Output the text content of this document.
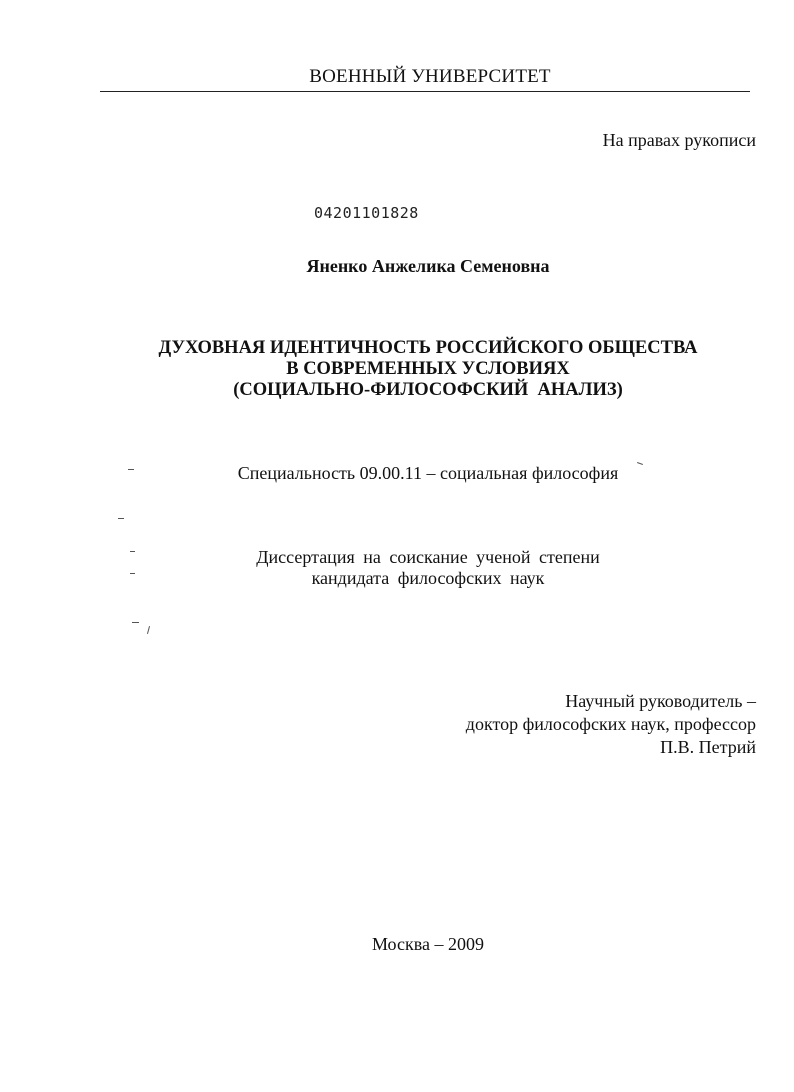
ВОЕННЫЙ УНИВЕРСИТЕТ
На правах рукописи
04201101828
Яненко Анжелика Семеновна
ДУХОВНАЯ ИДЕНТИЧНОСТЬ РОССИЙСКОГО ОБЩЕСТВА
В СОВРЕМЕННЫХ УСЛОВИЯХ
(СОЦИАЛЬНО-ФИЛОСОФСКИЙ  АНАЛИЗ)
Специальность 09.00.11 – социальная философия
Диссертация на соискание ученой степени
кандидата философских наук
Научный руководитель –
доктор философских наук, профессор
П.В. Петрий
Москва – 2009
